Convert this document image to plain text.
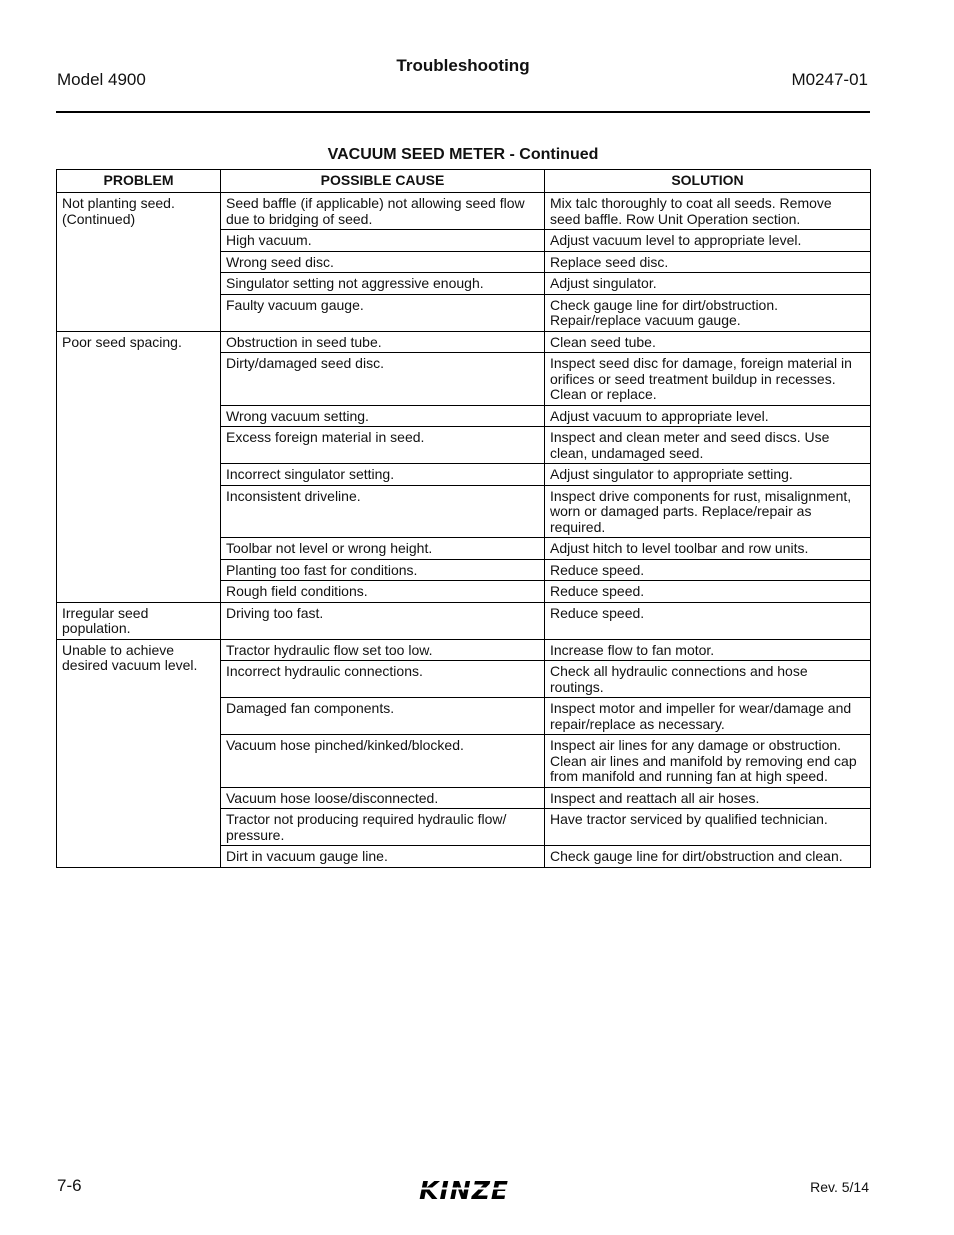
Model 4900
Troubleshooting
M0247-01
VACUUM SEED METER - Continued
PROBLEM	POSSIBLE CAUSE	SOLUTION
Not planting seed. (Continued)	Seed baffle (if applicable) not allowing seed flow due to bridging of seed.	Mix talc thoroughly to coat all seeds. Remove seed baffle. Row Unit Operation section.
	High vacuum.	Adjust vacuum level to appropriate level.
	Wrong seed disc.	Replace seed disc.
	Singulator setting not aggressive enough.	Adjust singulator.
	Faulty vacuum gauge.	Check gauge line for dirt/obstruction. Repair/replace vacuum gauge.
Poor seed spacing.	Obstruction in seed tube.	Clean seed tube.
	Dirty/damaged seed disc.	Inspect seed disc for damage, foreign material in orifices or seed treatment buildup in recesses. Clean or replace.
	Wrong vacuum setting.	Adjust vacuum to appropriate level.
	Excess foreign material in seed.	Inspect and clean meter and seed discs. Use clean, undamaged seed.
	Incorrect singulator setting.	Adjust singulator to appropriate setting.
	Inconsistent driveline.	Inspect drive components for rust, misalignment, worn or damaged parts. Replace/repair as required.
	Toolbar not level or wrong height.	Adjust hitch to level toolbar and row units.
	Planting too fast for conditions.	Reduce speed.
	Rough field conditions.	Reduce speed.
Irregular seed population.	Driving too fast.	Reduce speed.
Unable to achieve desired vacuum level.	Tractor hydraulic flow set too low.	Increase flow to fan motor.
	Incorrect hydraulic connections.	Check all hydraulic connections and hose routings.
	Damaged fan components.	Inspect motor and impeller for wear/damage and repair/replace as necessary.
	Vacuum hose pinched/kinked/blocked.	Inspect air lines for any damage or obstruction. Clean air lines and manifold by removing end cap from manifold and running fan at high speed.
	Vacuum hose loose/disconnected.	Inspect and reattach all air hoses.
	Tractor not producing required hydraulic flow/ pressure.	Have tractor serviced by qualified technician.
	Dirt in vacuum gauge line.	Check gauge line for dirt/obstruction and clean.
7-6	KINZE	Rev. 5/14
